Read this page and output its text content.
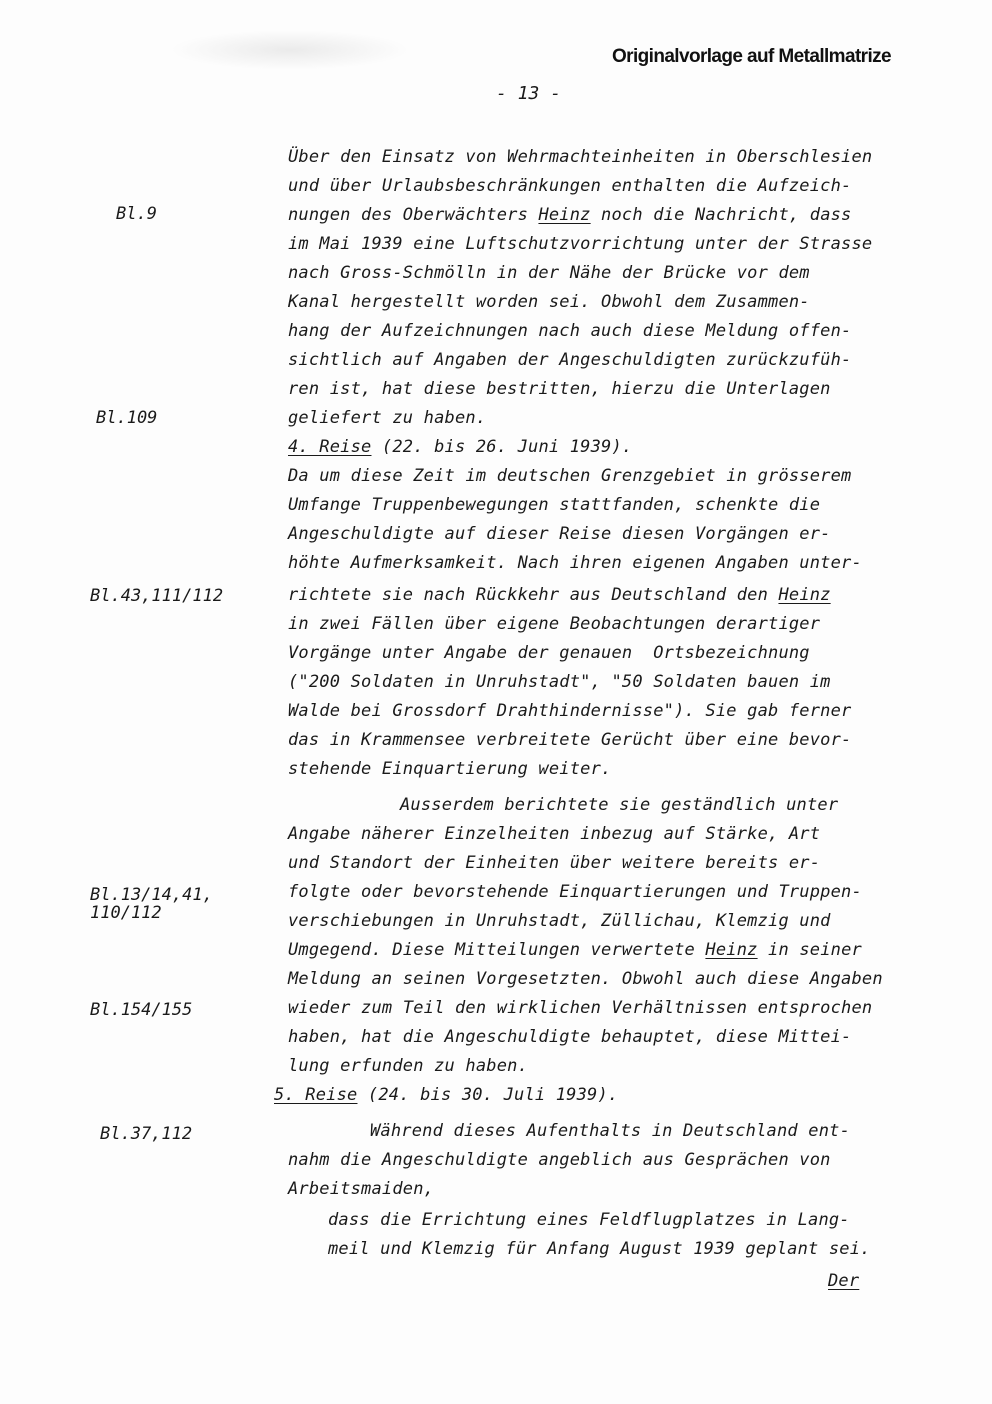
Originalvorlage auf Metallmatrize
- 13 -
Bl.9
Bl.109
Bl.43,111/112
Bl.13/14,41,
110/112
Bl.154/155
Bl.37,112
Über den Einsatz von Wehrmachteinheiten in Oberschlesien
und über Urlaubsbeschränkungen enthalten die Aufzeich-
nungen des Oberwächters Heinz noch die Nachricht, dass
im Mai 1939 eine Luftschutzvorrichtung unter der Strasse
nach Gross-Schmölln in der Nähe der Brücke vor dem
Kanal hergestellt worden sei. Obwohl dem Zusammen-
hang der Aufzeichnungen nach auch diese Meldung offen-
sichtlich auf Angaben der Angeschuldigten zurückzufüh-
ren ist, hat diese bestritten, hierzu die Unterlagen
geliefert zu haben.
4. Reise (22. bis 26. Juni 1939).
Da um diese Zeit im deutschen Grenzgebiet in grösserem
Umfange Truppenbewegungen stattfanden, schenkte die
Angeschuldigte auf dieser Reise diesen Vorgängen er-
höhte Aufmerksamkeit. Nach ihren eigenen Angaben unter-
richtete sie nach Rückkehr aus Deutschland den Heinz
in zwei Fällen über eigene Beobachtungen derartiger
Vorgänge unter Angabe der genauen  Ortsbezeichnung
("200 Soldaten in Unruhstadt", "50 Soldaten bauen im
Walde bei Grossdorf Drahthindernisse"). Sie gab ferner
das in Krammensee verbreitete Gerücht über eine bevor-
stehende Einquartierung weiter.
Ausserdem berichtete sie geständlich unter
Angabe näherer Einzelheiten inbezug auf Stärke, Art
und Standort der Einheiten über weitere bereits er-
folgte oder bevorstehende Einquartierungen und Truppen-
verschiebungen in Unruhstadt, Züllichau, Klemzig und
Umgegend. Diese Mitteilungen verwertete Heinz in seiner
Meldung an seinen Vorgesetzten. Obwohl auch diese Angaben
wieder zum Teil den wirklichen Verhältnissen entsprochen
haben, hat die Angeschuldigte behauptet, diese Mittei-
lung erfunden zu haben.
5. Reise (24. bis 30. Juli 1939).
Während dieses Aufenthalts in Deutschland ent-
nahm die Angeschuldigte angeblich aus Gesprächen von
Arbeitsmaiden,
dass die Errichtung eines Feldflugplatzes in Lang-
meil und Klemzig für Anfang August 1939 geplant sei.
Der
